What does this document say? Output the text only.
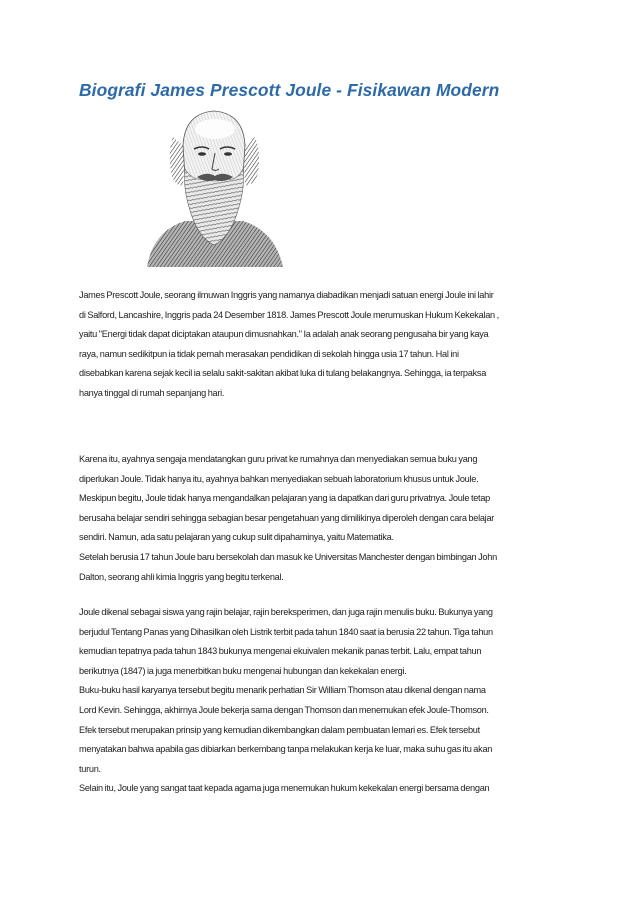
Biografi James Prescott Joule - Fisikawan Modern
James Prescott Joule, seorang ilmuwan Inggris yang namanya diabadikan menjadi satuan energi Joule ini lahir
di Salford, Lancashire, Inggris pada 24 Desember 1818. James Prescott Joule merumuskan Hukum Kekekalan ,
yaitu "Energi tidak dapat diciptakan ataupun dimusnahkan." Ia adalah anak seorang pengusaha bir yang kaya
raya, namun sedikitpun ia tidak pernah merasakan pendidikan di sekolah hingga usia 17 tahun. Hal ini
disebabkan karena sejak kecil ia selalu sakit-sakitan akibat luka di tulang belakangnya. Sehingga, ia terpaksa
hanya tinggal di rumah sepanjang hari.
Karena itu, ayahnya sengaja mendatangkan guru privat ke rumahnya dan menyediakan semua buku yang
diperlukan Joule. Tidak hanya itu, ayahnya bahkan menyediakan sebuah laboratorium khusus untuk Joule.
Meskipun begitu, Joule tidak hanya mengandalkan pelajaran yang ia dapatkan dari guru privatnya. Joule tetap
berusaha belajar sendiri sehingga sebagian besar pengetahuan yang dimilikinya diperoleh dengan cara belajar
sendiri. Namun, ada satu pelajaran yang cukup sulit dipahaminya, yaitu Matematika.
Setelah berusia 17 tahun Joule baru bersekolah dan masuk ke Universitas Manchester dengan bimbingan John
Dalton, seorang ahli kimia Inggris yang begitu terkenal.
Joule dikenal sebagai siswa yang rajin belajar, rajin bereksperimen, dan juga rajin menulis buku. Bukunya yang
berjudul Tentang Panas yang Dihasilkan oleh Listrik terbit pada tahun 1840 saat ia berusia 22 tahun. Tiga tahun
kemudian tepatnya pada tahun 1843 bukunya mengenai ekuivalen mekanik panas terbit. Lalu, empat tahun
berikutnya (1847) ia juga menerbitkan buku mengenai hubungan dan kekekalan energi.
Buku-buku hasil karyanya tersebut begitu menarik perhatian Sir William Thomson atau dikenal dengan nama
Lord Kevin. Sehingga, akhirnya Joule bekerja sama dengan Thomson dan menemukan efek Joule-Thomson.
Efek tersebut merupakan prinsip yang kemudian dikembangkan dalam pembuatan lemari es. Efek tersebut
menyatakan bahwa apabila gas dibiarkan berkembang tanpa melakukan kerja ke luar, maka suhu gas itu akan
turun.
Selain itu, Joule yang sangat taat kepada agama juga menemukan hukum kekekalan energi bersama dengan
